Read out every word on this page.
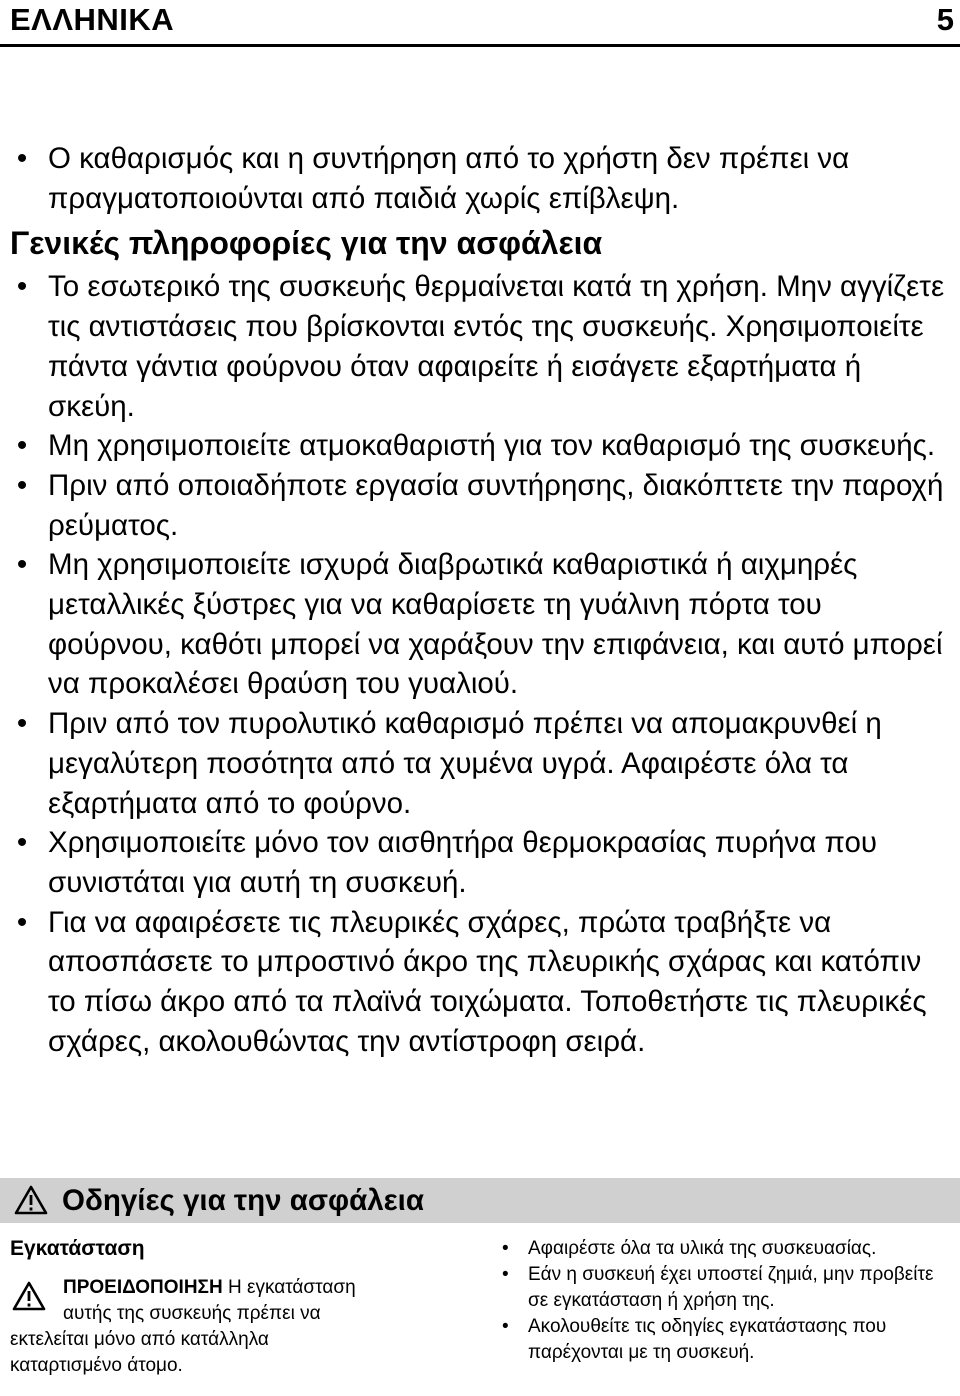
ΕΛΛΗΝΙΚΑ	5
• Ο καθαρισμός και η συντήρηση από το χρήστη δεν πρέπει να πραγματοποιούνται από παιδιά χωρίς επίβλεψη.
Γενικές πληροφορίες για την ασφάλεια
• Το εσωτερικό της συσκευής θερμαίνεται κατά τη χρήση. Μην αγγίζετε τις αντιστάσεις που βρίσκονται εντός της συσκευής. Χρησιμοποιείτε πάντα γάντια φούρνου όταν αφαιρείτε ή εισάγετε εξαρτήματα ή σκεύη.
• Μη χρησιμοποιείτε ατμοκαθαριστή για τον καθαρισμό της συσκευής.
• Πριν από οποιαδήποτε εργασία συντήρησης, διακόπτετε την παροχή ρεύματος.
• Μη χρησιμοποιείτε ισχυρά διαβρωτικά καθαριστικά ή αιχμηρές μεταλλικές ξύστρες για να καθαρίσετε τη γυάλινη πόρτα του φούρνου, καθότι μπορεί να χαράξουν την επιφάνεια, και αυτό μπορεί να προκαλέσει θραύση του γυαλιού.
• Πριν από τον πυρολυτικό καθαρισμό πρέπει να απομακρυνθεί η μεγαλύτερη ποσότητα από τα χυμένα υγρά. Αφαιρέστε όλα τα εξαρτήματα από το φούρνο.
• Χρησιμοποιείτε μόνο τον αισθητήρα θερμοκρασίας πυρήνα που συνιστάται για αυτή τη συσκευή.
• Για να αφαιρέσετε τις πλευρικές σχάρες, πρώτα τραβήξτε να αποσπάσετε το μπροστινό άκρο της πλευρικής σχάρας και κατόπιν το πίσω άκρο από τα πλαϊνά τοιχώματα. Τοποθετήστε τις πλευρικές σχάρες, ακολουθώντας την αντίστροφη σειρά.
Οδηγίες για την ασφάλεια
Εγκατάσταση
ΠΡΟΕΙΔΟΠΟΙΗΣΗ Η εγκατάσταση
αυτής της συσκευής πρέπει να
εκτελείται μόνο από κατάλληλα
καταρτισμένο άτομο.
• Αφαιρέστε όλα τα υλικά της συσκευασίας.
• Εάν η συσκευή έχει υποστεί ζημιά, μην προβείτε σε εγκατάσταση ή χρήση της.
• Ακολουθείτε τις οδηγίες εγκατάστασης που παρέχονται με τη συσκευή.
